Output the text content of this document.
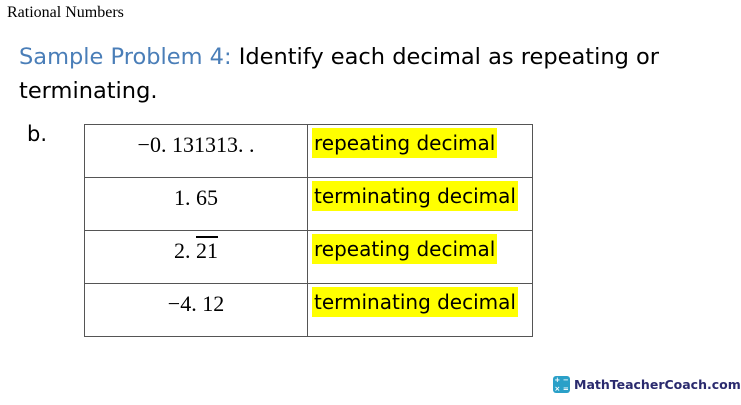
Rational Numbers
Sample Problem 4: Identify each decimal as repeating or terminating.
b.	−0. 131313. .	repeating decimal
1. 65	terminating decimal
2. 21	repeating decimal
−4. 12	terminating decimal
+ −
× = MathTeacherCoach.com
